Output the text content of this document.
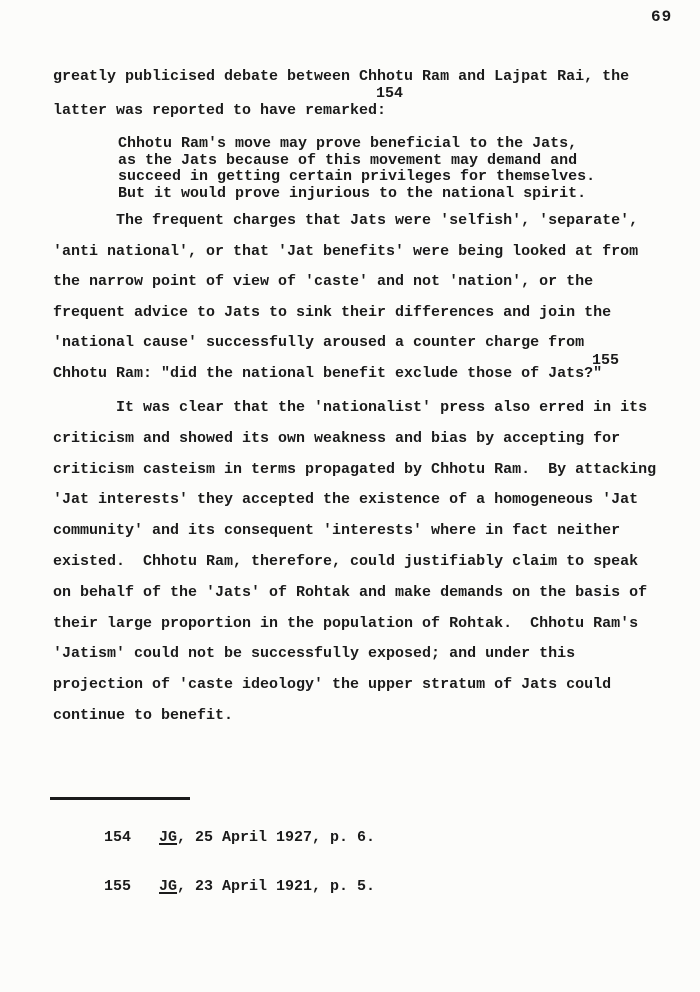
69
greatly publicised debate between Chhotu Ram and Lajpat Rai, the
latter was reported to have remarked:
154
Chhotu Ram's move may prove beneficial to the Jats,
as the Jats because of this movement may demand and
succeed in getting certain privileges for themselves.
But it would prove injurious to the national spirit.
The frequent charges that Jats were 'selfish', 'separate',
'anti national', or that 'Jat benefits' were being looked at from
the narrow point of view of 'caste' and not 'nation', or the
frequent advice to Jats to sink their differences and join the
'national cause' successfully aroused a counter charge from
Chhotu Ram: "did the national benefit exclude those of Jats?"
155
It was clear that the 'nationalist' press also erred in its
criticism and showed its own weakness and bias by accepting for
criticism casteism in terms propagated by Chhotu Ram.  By attacking
'Jat interests' they accepted the existence of a homogeneous 'Jat
community' and its consequent 'interests' where in fact neither
existed.  Chhotu Ram, therefore, could justifiably claim to speak
on behalf of the 'Jats' of Rohtak and make demands on the basis of
their large proportion in the population of Rohtak.  Chhotu Ram's
'Jatism' could not be successfully exposed; and under this
projection of 'caste ideology' the upper stratum of Jats could
continue to benefit.

154 JG, 25 April 1927, p. 6.

155 JG, 23 April 1921, p. 5.
